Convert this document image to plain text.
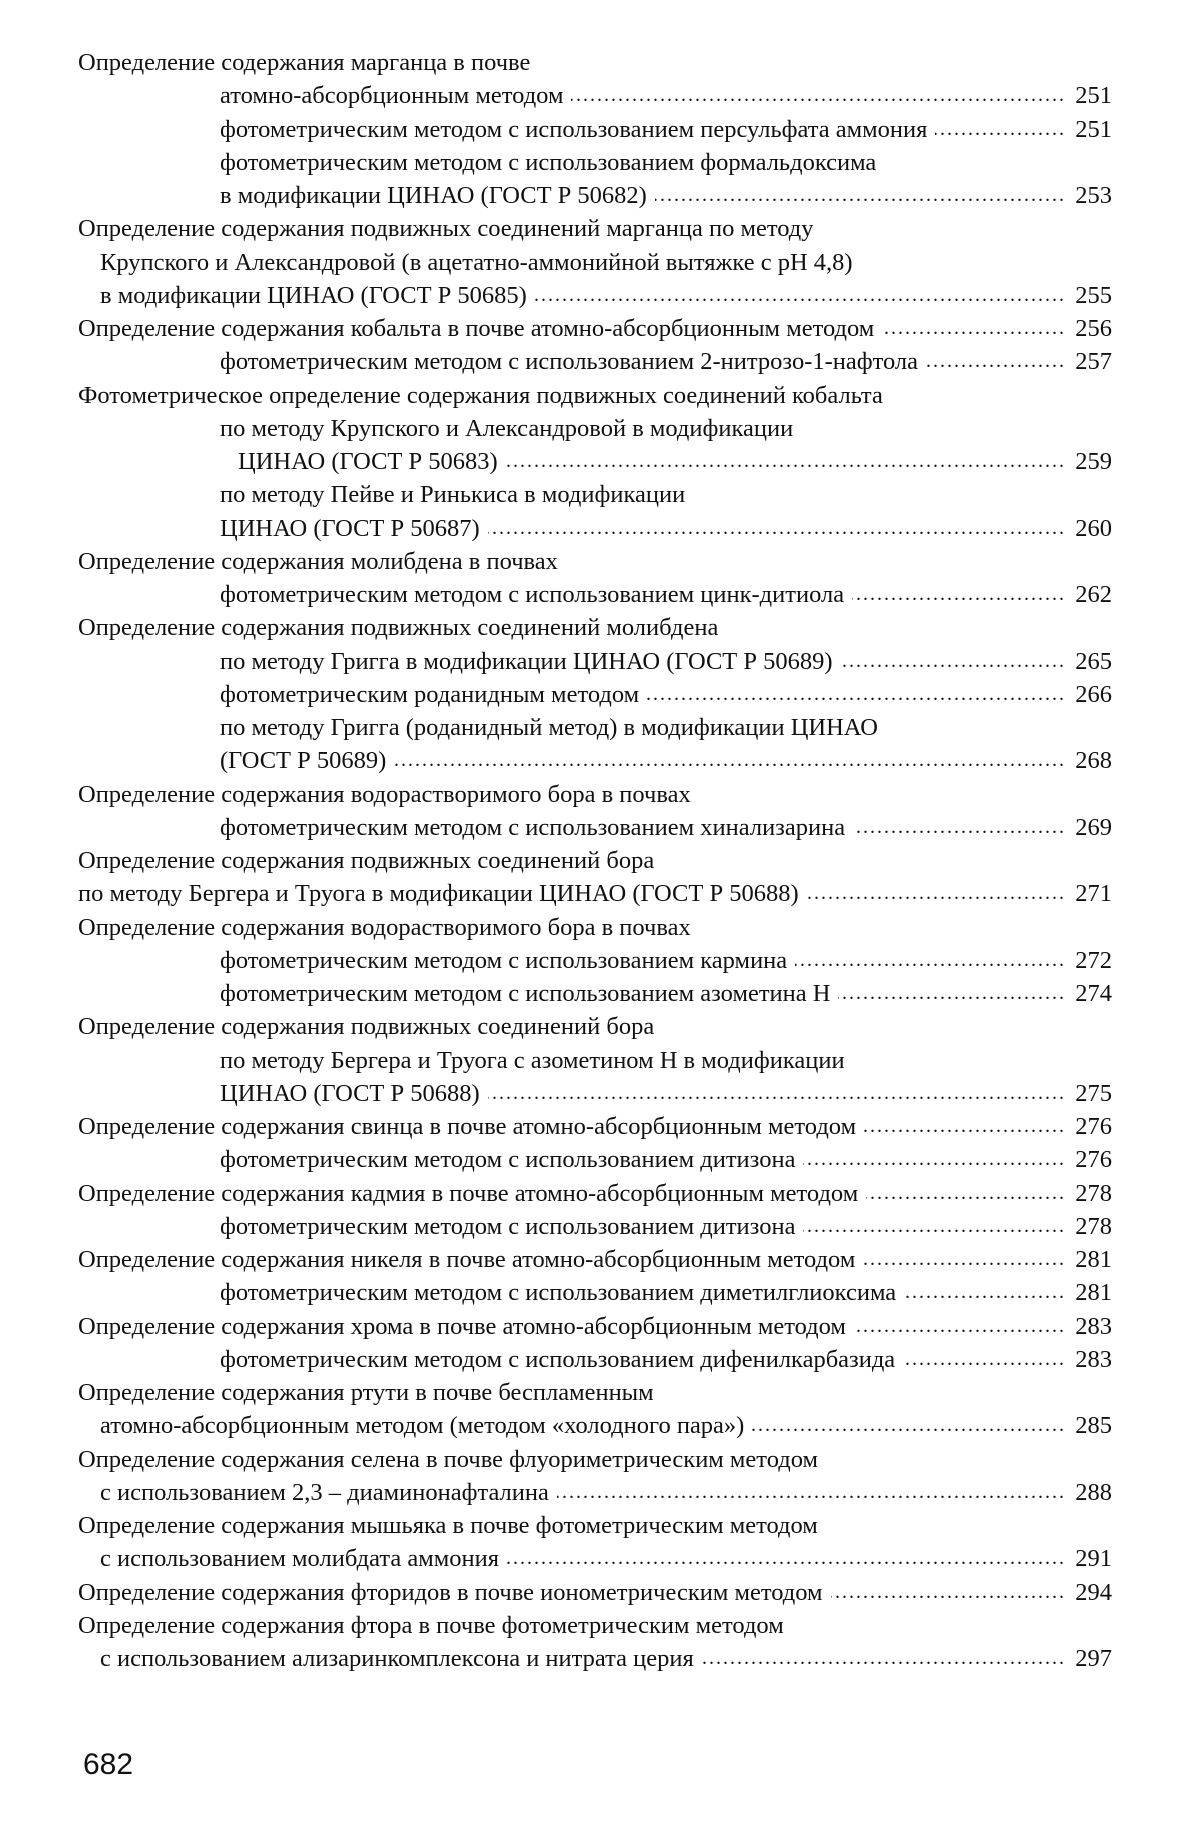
Определение содержания марганца в почве
атомно-абсорбционным методом	251
.......................................................................
фотометрическим методом с использованием персульфата аммония	251
...................
фотометрическим методом с использованием формальдоксима
в модификации ЦИНАО (ГОСТ Р 50682)	253
...........................................................
Определение содержания подвижных соединений марганца по методу
Крупского и Александровой (в ацетатно-аммонийной вытяжке с pH 4,8)
в модификации ЦИНАО (ГОСТ Р 50685)	255
............................................................................
Определение содержания кобальта в почве атомно-абсорбционным методом	256
...........................
фотометрическим методом с использованием 2-нитрозо-1-нафтола	257
....................
Фотометрическое определение содержания подвижных соединений кобальта
по методу Крупского и Александровой в модификации
ЦИНАО (ГОСТ Р 50683)	259
.................................................................................
по методу Пейве и Ринькиса в модификации
ЦИНАО (ГОСТ Р 50687)	260
...................................................................................
Определение содержания молибдена в почвах
фотометрическим методом с использованием цинк-дитиола	262
...............................
Определение содержания подвижных соединений молибдена
по методу Григга в модификации ЦИНАО (ГОСТ Р 50689)	265
.................................
фотометрическим роданидным методом	266
............................................................
по методу Григга (роданидный метод) в модификации ЦИНАО
(ГОСТ Р 50689)	268
................................................................................................
Определение содержания водорастворимого бора в почвах
фотометрическим методом с использованием хинализарина	269
...............................
Определение содержания подвижных соединений бора
по методу Бергера и Труога в модификации ЦИНАО (ГОСТ Р 50688)	271
......................................
Определение содержания водорастворимого бора в почвах
фотометрическим методом с использованием кармина	272
.......................................
фотометрическим методом с использованием азометина Н	274
.................................
Определение содержания подвижных соединений бора
по методу Бергера и Труога с азометином Н в модификации
ЦИНАО (ГОСТ Р 50688)	275
...................................................................................
Определение содержания свинца в почве атомно-абсорбционным методом	276
.............................
фотометрическим методом с использованием дитизона	276
......................................
Определение содержания кадмия в почве атомно-абсорбционным методом	278
.............................
фотометрическим методом с использованием дитизона	278
......................................
Определение содержания никеля в почве атомно-абсорбционным методом	281
.............................
фотометрическим методом с использованием диметилглиоксима	281
........................
Определение содержания хрома в почве атомно-абсорбционным методом	283
...............................
фотометрическим методом с использованием дифенилкарбазида	283
........................
Определение содержания ртути в почве беспламенным
атомно-абсорбционным методом (методом «холодного пара»)	285
.............................................
Определение содержания селена в почве флуориметрическим методом
с использованием 2,3 – диаминонафталина	288
.........................................................................
Определение содержания мышьяка в почве фотометрическим методом
с использованием молибдата аммония	291
................................................................................
Определение содержания фторидов в почве ионометрическим методом	294
..................................
Определение содержания фтора в почве фотометрическим методом
с использованием ализаринкомплексона и нитрата церия	297
.....................................................
682
